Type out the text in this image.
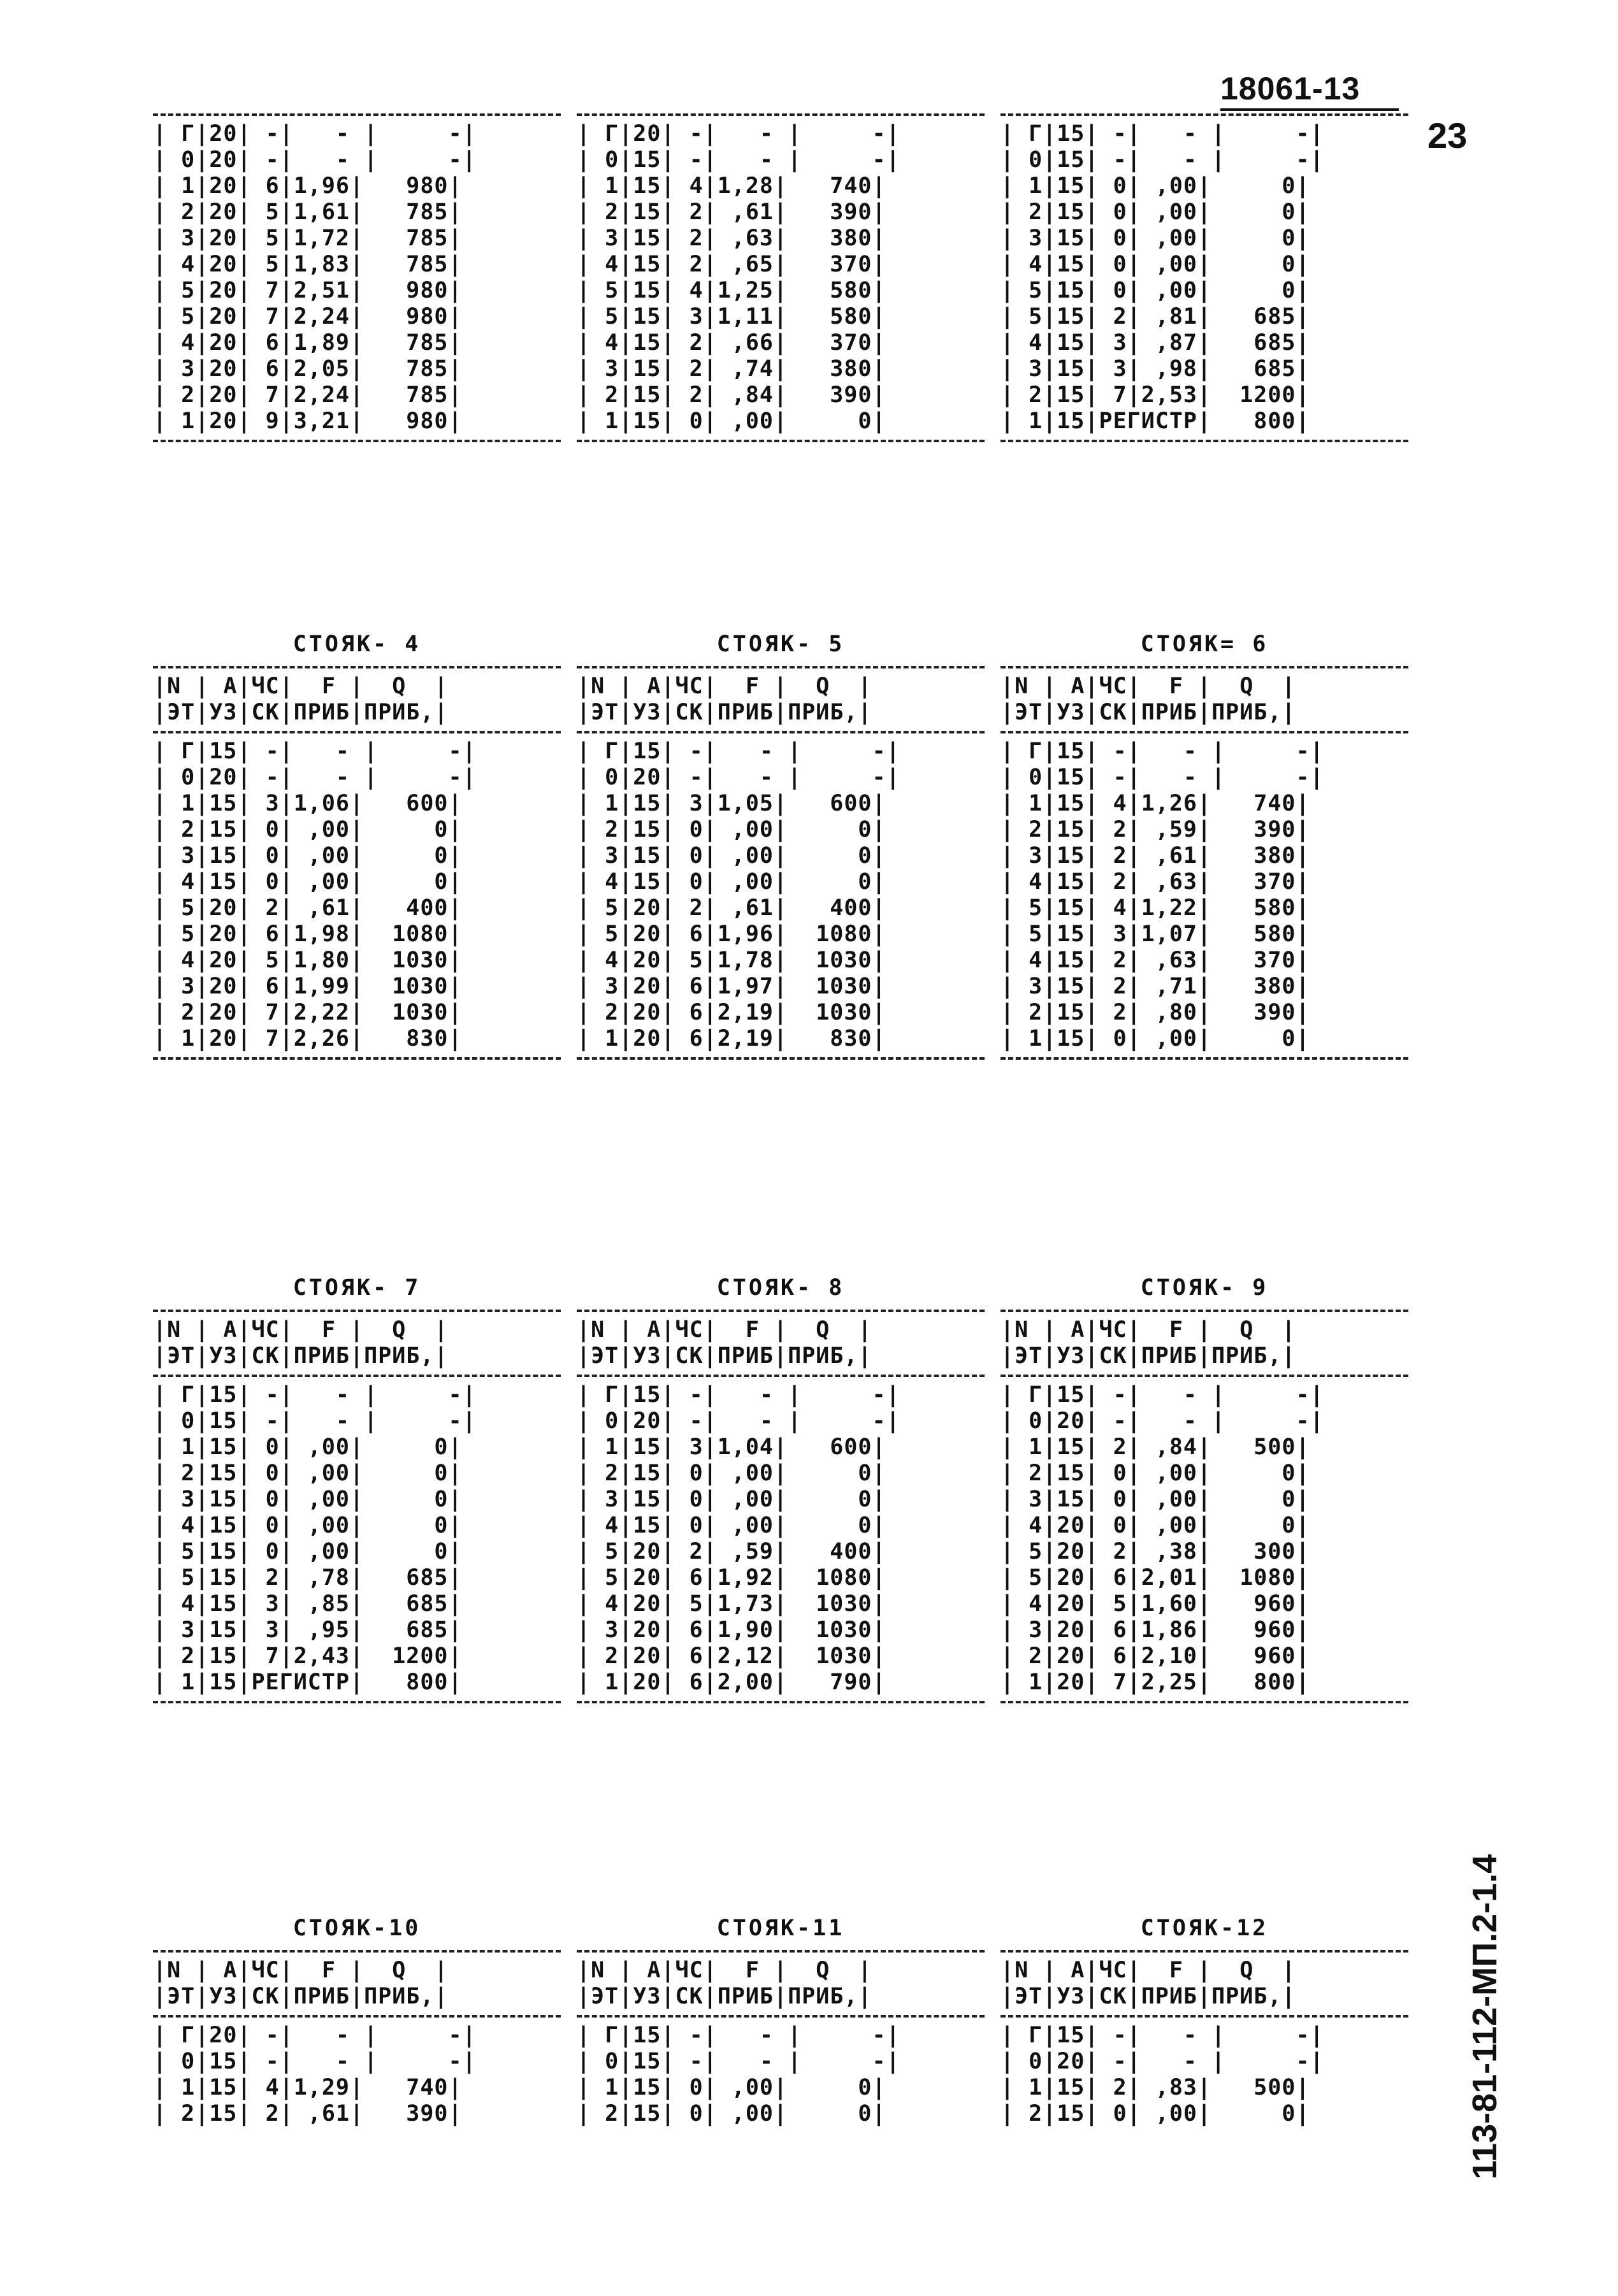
18061-13
23
113-81-112-МП.2-1.4
| Г|20| -|   - |     -|
| 0|20| -|   - |     -|
| 1|20| 6|1,96|   980|
| 2|20| 5|1,61|   785|
| 3|20| 5|1,72|   785|
| 4|20| 5|1,83|   785|
| 5|20| 7|2,51|   980|
| 5|20| 7|2,24|   980|
| 4|20| 6|1,89|   785|
| 3|20| 6|2,05|   785|
| 2|20| 7|2,24|   785|
| 1|20| 9|3,21|   980|
| Г|20| -|   - |     -|
| 0|15| -|   - |     -|
| 1|15| 4|1,28|   740|
| 2|15| 2| ,61|   390|
| 3|15| 2| ,63|   380|
| 4|15| 2| ,65|   370|
| 5|15| 4|1,25|   580|
| 5|15| 3|1,11|   580|
| 4|15| 2| ,66|   370|
| 3|15| 2| ,74|   380|
| 2|15| 2| ,84|   390|
| 1|15| 0| ,00|     0|
| Г|15| -|   - |     -|
| 0|15| -|   - |     -|
| 1|15| 0| ,00|     0|
| 2|15| 0| ,00|     0|
| 3|15| 0| ,00|     0|
| 4|15| 0| ,00|     0|
| 5|15| 0| ,00|     0|
| 5|15| 2| ,81|   685|
| 4|15| 3| ,87|   685|
| 3|15| 3| ,98|   685|
| 2|15| 7|2,53|  1200|
| 1|15|РЕГИСТР|   800|
СТОЯК- 4
|N | А|ЧС|  F |  Q  |
|ЭТ|УЗ|СК|ПРИБ|ПРИБ,|
| Г|15| -|   - |     -|
| 0|20| -|   - |     -|
| 1|15| 3|1,06|   600|
| 2|15| 0| ,00|     0|
| 3|15| 0| ,00|     0|
| 4|15| 0| ,00|     0|
| 5|20| 2| ,61|   400|
| 5|20| 6|1,98|  1080|
| 4|20| 5|1,80|  1030|
| 3|20| 6|1,99|  1030|
| 2|20| 7|2,22|  1030|
| 1|20| 7|2,26|   830|
СТОЯК- 5
|N | А|ЧС|  F |  Q  |
|ЭТ|УЗ|СК|ПРИБ|ПРИБ,|
| Г|15| -|   - |     -|
| 0|20| -|   - |     -|
| 1|15| 3|1,05|   600|
| 2|15| 0| ,00|     0|
| 3|15| 0| ,00|     0|
| 4|15| 0| ,00|     0|
| 5|20| 2| ,61|   400|
| 5|20| 6|1,96|  1080|
| 4|20| 5|1,78|  1030|
| 3|20| 6|1,97|  1030|
| 2|20| 6|2,19|  1030|
| 1|20| 6|2,19|   830|
СТОЯК= 6
|N | А|ЧС|  F |  Q  |
|ЭТ|УЗ|СК|ПРИБ|ПРИБ,|
| Г|15| -|   - |     -|
| 0|15| -|   - |     -|
| 1|15| 4|1,26|   740|
| 2|15| 2| ,59|   390|
| 3|15| 2| ,61|   380|
| 4|15| 2| ,63|   370|
| 5|15| 4|1,22|   580|
| 5|15| 3|1,07|   580|
| 4|15| 2| ,63|   370|
| 3|15| 2| ,71|   380|
| 2|15| 2| ,80|   390|
| 1|15| 0| ,00|     0|
СТОЯК- 7
|N | А|ЧС|  F |  Q  |
|ЭТ|УЗ|СК|ПРИБ|ПРИБ,|
| Г|15| -|   - |     -|
| 0|15| -|   - |     -|
| 1|15| 0| ,00|     0|
| 2|15| 0| ,00|     0|
| 3|15| 0| ,00|     0|
| 4|15| 0| ,00|     0|
| 5|15| 0| ,00|     0|
| 5|15| 2| ,78|   685|
| 4|15| 3| ,85|   685|
| 3|15| 3| ,95|   685|
| 2|15| 7|2,43|  1200|
| 1|15|РЕГИСТР|   800|
СТОЯК- 8
|N | А|ЧС|  F |  Q  |
|ЭТ|УЗ|СК|ПРИБ|ПРИБ,|
| Г|15| -|   - |     -|
| 0|20| -|   - |     -|
| 1|15| 3|1,04|   600|
| 2|15| 0| ,00|     0|
| 3|15| 0| ,00|     0|
| 4|15| 0| ,00|     0|
| 5|20| 2| ,59|   400|
| 5|20| 6|1,92|  1080|
| 4|20| 5|1,73|  1030|
| 3|20| 6|1,90|  1030|
| 2|20| 6|2,12|  1030|
| 1|20| 6|2,00|   790|
СТОЯК- 9
|N | А|ЧС|  F |  Q  |
|ЭТ|УЗ|СК|ПРИБ|ПРИБ,|
| Г|15| -|   - |     -|
| 0|20| -|   - |     -|
| 1|15| 2| ,84|   500|
| 2|15| 0| ,00|     0|
| 3|15| 0| ,00|     0|
| 4|20| 0| ,00|     0|
| 5|20| 2| ,38|   300|
| 5|20| 6|2,01|  1080|
| 4|20| 5|1,60|   960|
| 3|20| 6|1,86|   960|
| 2|20| 6|2,10|   960|
| 1|20| 7|2,25|   800|
СТОЯК-10
|N | А|ЧС|  F |  Q  |
|ЭТ|УЗ|СК|ПРИБ|ПРИБ,|
| Г|20| -|   - |     -|
| 0|15| -|   - |     -|
| 1|15| 4|1,29|   740|
| 2|15| 2| ,61|   390|
СТОЯК-11
|N | А|ЧС|  F |  Q  |
|ЭТ|УЗ|СК|ПРИБ|ПРИБ,|
| Г|15| -|   - |     -|
| 0|15| -|   - |     -|
| 1|15| 0| ,00|     0|
| 2|15| 0| ,00|     0|
СТОЯК-12
|N | А|ЧС|  F |  Q  |
|ЭТ|УЗ|СК|ПРИБ|ПРИБ,|
| Г|15| -|   - |     -|
| 0|20| -|   - |     -|
| 1|15| 2| ,83|   500|
| 2|15| 0| ,00|     0|
